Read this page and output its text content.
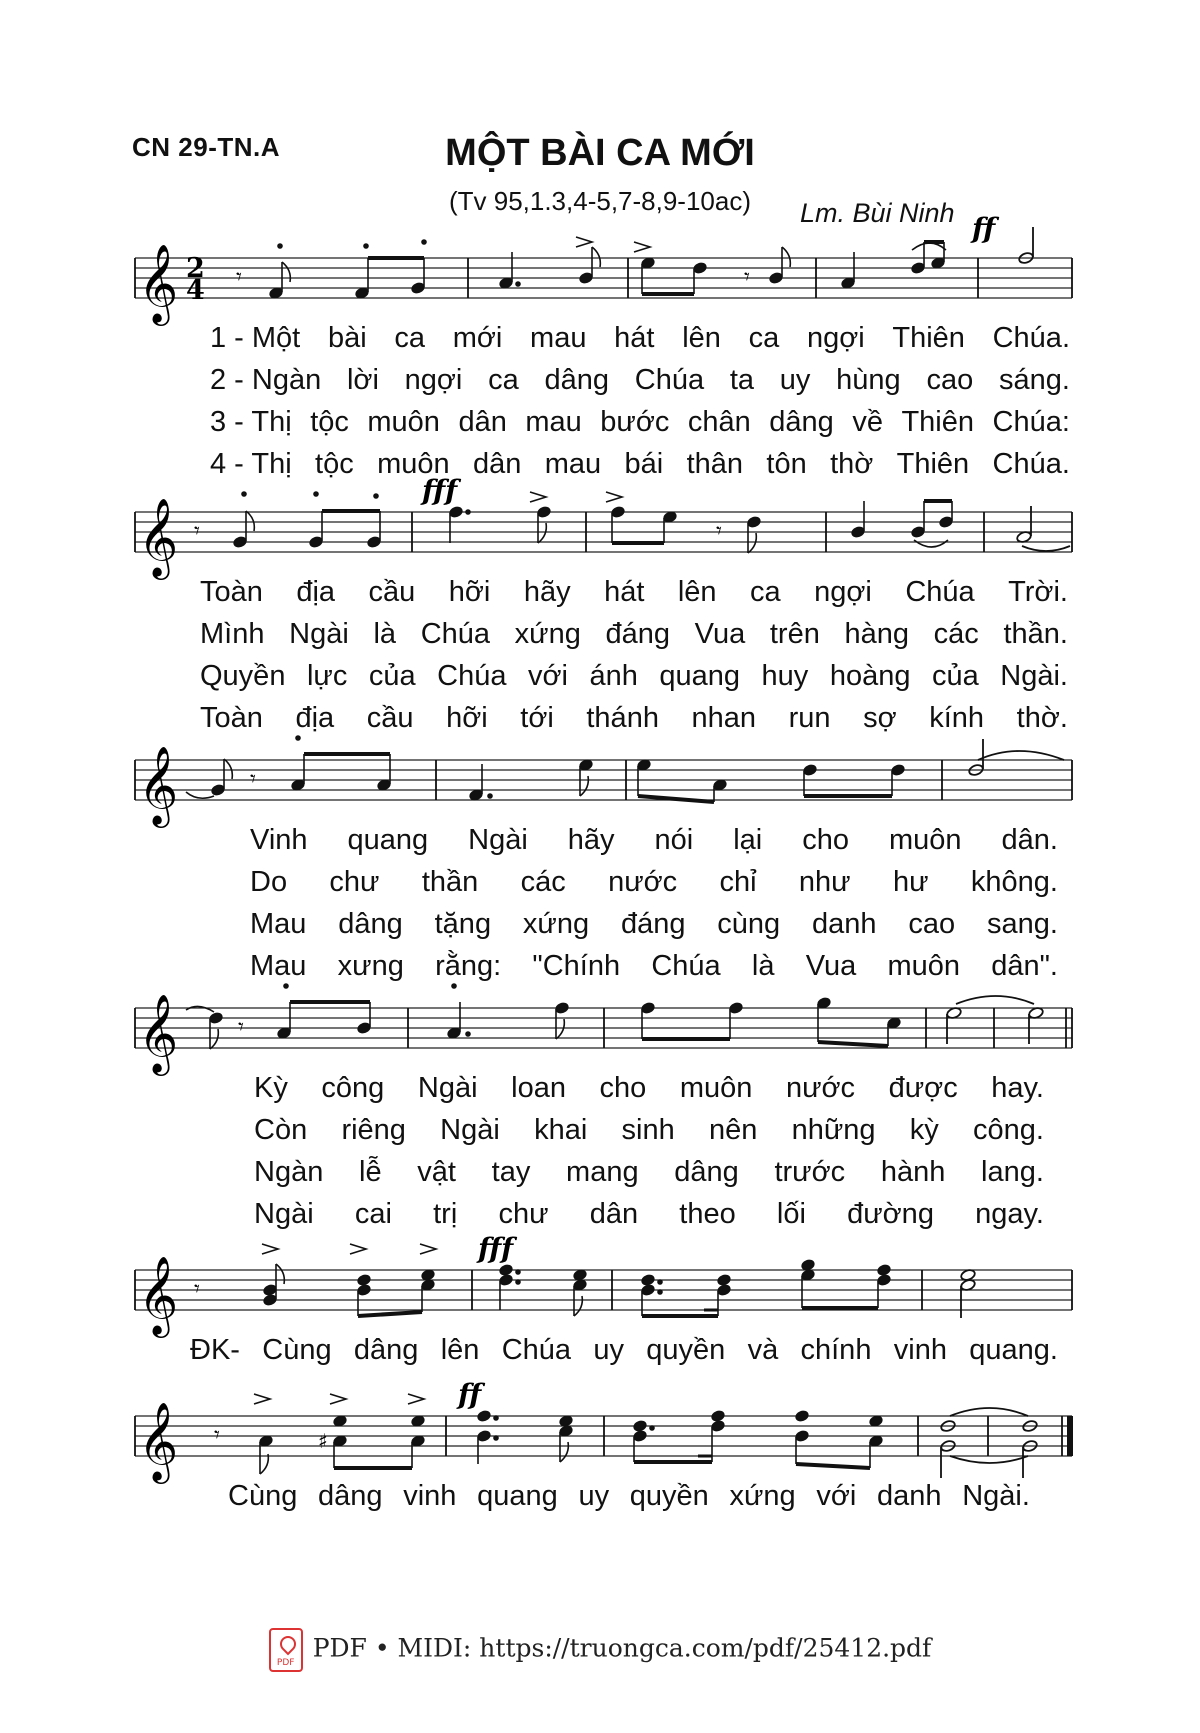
CN 29-TN.A	MỘT BÀI CA MỚI
(Tv 95,1.3,4-5,7-8,9-10ac)	Lm. Bùi Ninh
𝄞 2
4 𝄾	𝄾
ff
1 - Một bài ca mới mau hát lên ca ngợi Thiên Chúa.
2 - Ngàn lời ngợi ca dâng Chúa ta uy hùng cao sáng.
3 - Thị tộc muôn dân mau bước chân dâng về Thiên Chúa:
4 - Thị tộc muôn dân mau bái thân tôn thờ Thiên Chúa.
𝄞 𝄾
fff
𝄾
Toàn địa cầu hỡi hãy hát lên ca ngợi Chúa Trời.
Mình Ngài là Chúa xứng đáng Vua trên hàng các thần.
Quyền lực của Chúa với ánh quang huy hoàng của Ngài.
Toàn địa cầu hỡi tới thánh nhan run sợ kính thờ.
𝄞	𝄾
Vinh quang Ngài hãy nói lại cho muôn dân.
Do chư thần các nước chỉ như hư không.
Mau dâng tặng xứng đáng cùng danh cao sang.
Mau xưng rằng: "Chính Chúa là Vua muôn dân".
𝄞	𝄾
Kỳ công Ngài loan cho muôn nước được hay.
Còn riêng Ngài khai sinh nên những kỳ công.
Ngàn lễ vật tay mang dâng trước hành lang.
Ngài cai trị chư dân theo lối đường ngay.
𝄞 𝄾
fff
ĐK- Cùng dâng lên Chúa uy quyền và chính vinh quang.
𝄞 𝄾	♯
ff
Cùng dâng vinh quang uy quyền xứng với danh Ngài.
PDFPDF • MIDI: https://truongca.com/pdf/25412.pdf
